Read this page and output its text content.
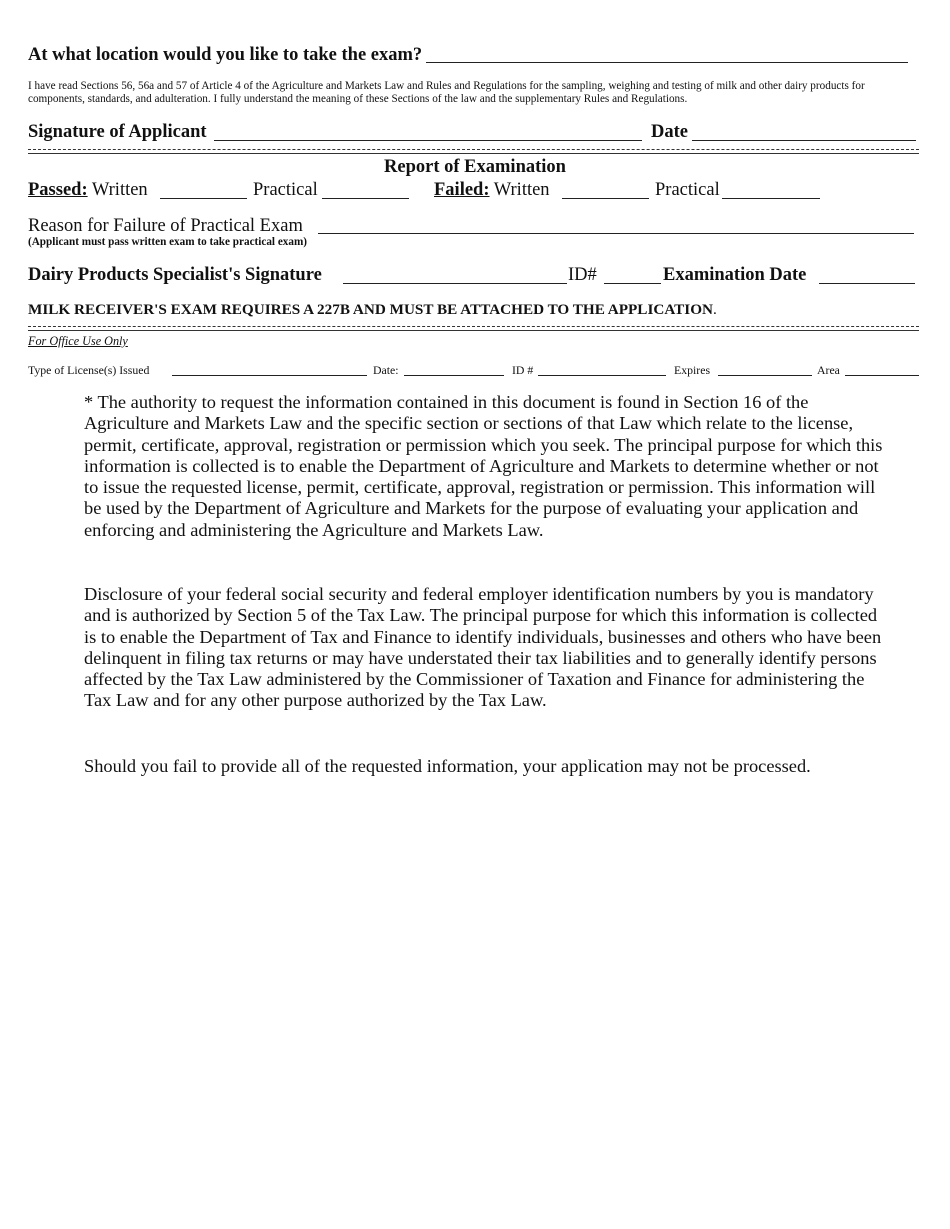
At what location would you like to take the exam?
I have read Sections 56, 56a and 57 of Article 4 of the Agriculture and Markets Law and Rules and Regulations for the sampling, weighing and testing of milk and other dairy products for components, standards, and adulteration. I fully understand the meaning of these Sections of the law and the supplementary Rules and Regulations.
Signature of Applicant	Date
Report of Examination
Passed: Written	Practical	Failed: Written	Practical
Reason for Failure of Practical Exam
(Applicant must pass written exam to take practical exam)
Dairy Products Specialist's Signature	ID#	Examination Date
MILK RECEIVER'S EXAM REQUIRES A 227B AND MUST BE ATTACHED TO THE APPLICATION.
For Office Use Only
Type of License(s) Issued	Date:	ID #	Expires	Area
* The authority to request the information contained in this document is found in Section 16 of the Agriculture and Markets Law and the specific section or sections of that Law which relate to the license, permit, certificate, approval, registration or permission which you seek. The principal purpose for which this information is collected is to enable the Department of Agriculture and Markets to determine whether or not to issue the requested license, permit, certificate, approval, registration or permission. This information will be used by the Department of Agriculture and Markets for the purpose of evaluating your application and enforcing and administering the Agriculture and Markets Law.
Disclosure of your federal social security and federal employer identification numbers by you is mandatory and is authorized by Section 5 of the Tax Law. The principal purpose for which this information is collected is to enable the Department of Tax and Finance to identify individuals, businesses and others who have been delinquent in filing tax returns or may have understated their tax liabilities and to generally identify persons affected by the Tax Law administered by the Commissioner of Taxation and Finance for administering the Tax Law and for any other purpose authorized by the Tax Law.
Should you fail to provide all of the requested information, your application may not be processed.
